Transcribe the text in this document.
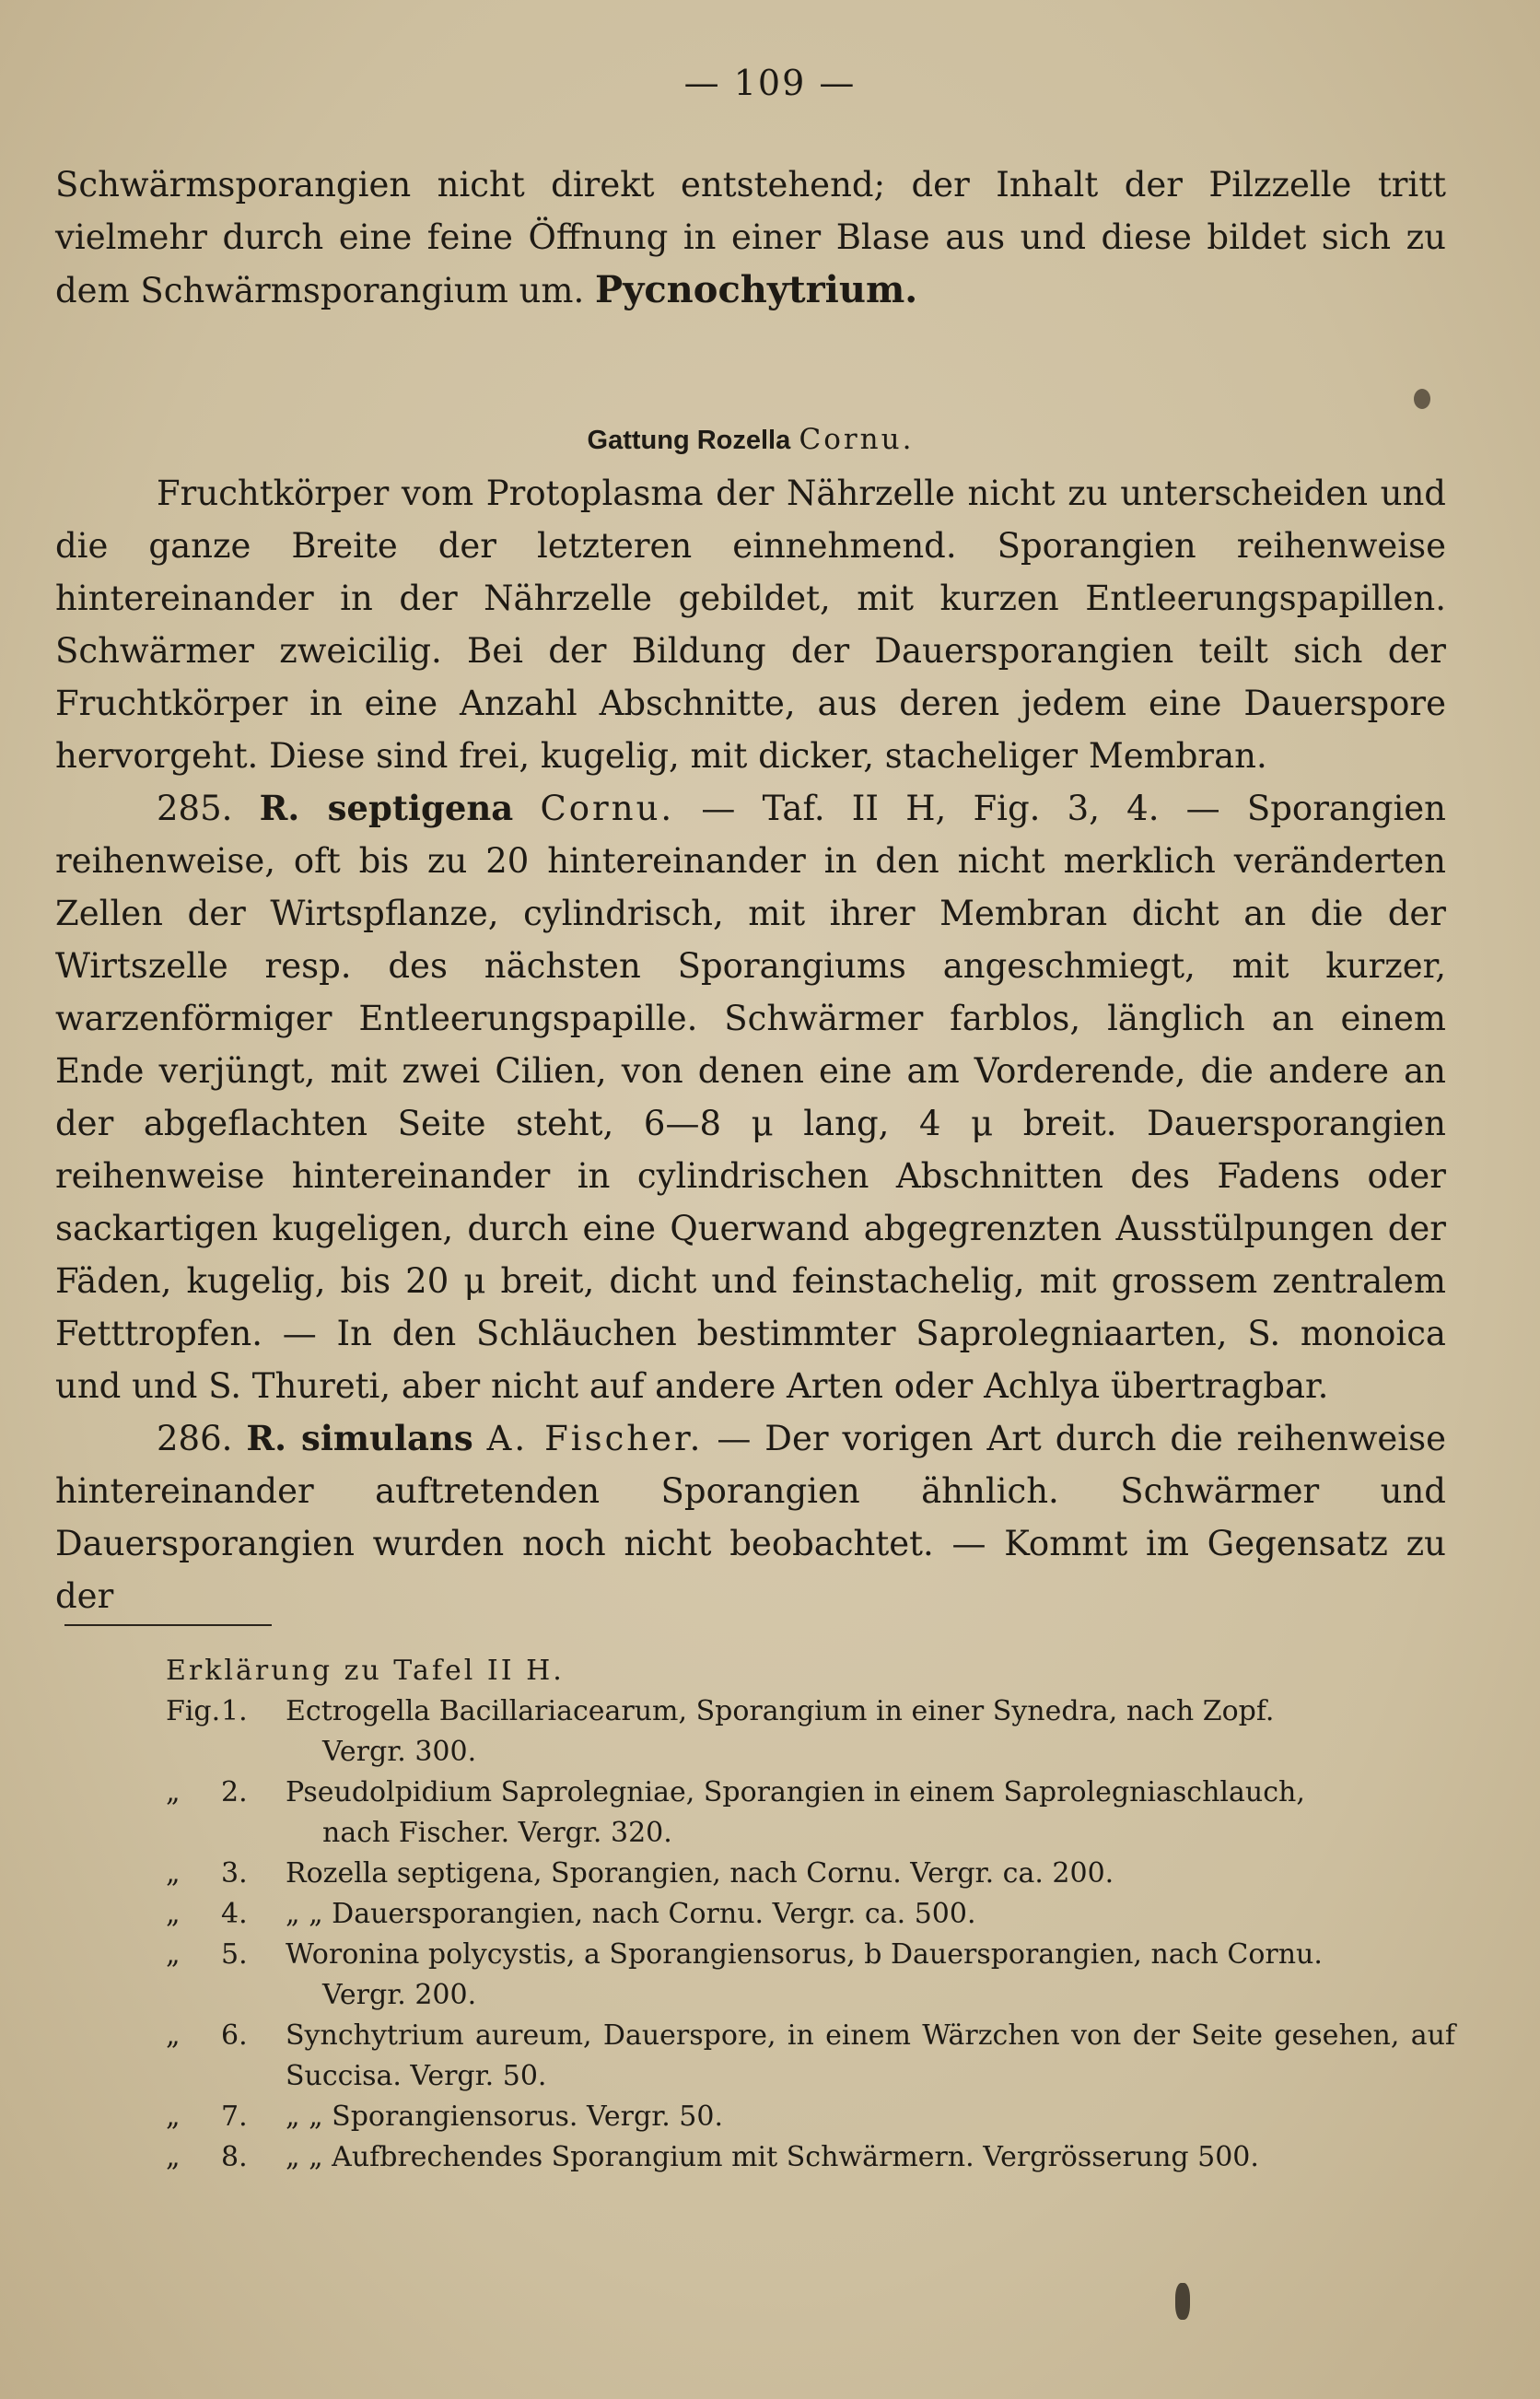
— 109 —

Schwärmsporangien nicht direkt entstehend; der Inhalt der Pilzzelle tritt vielmehr durch eine feine Öffnung in einer Blase aus und diese bildet sich zu dem Schwärmsporangium um. Pycnochytrium.

Gattung Rozella Cornu.

Fruchtkörper vom Protoplasma der Nährzelle nicht zu unterscheiden und die ganze Breite der letzteren einnehmend. Sporangien reihenweise hintereinander in der Nährzelle gebildet, mit kurzen Entleerungspapillen. Schwärmer zweicilig. Bei der Bildung der Dauersporangien teilt sich der Fruchtkörper in eine Anzahl Abschnitte, aus deren jedem eine Dauerspore hervorgeht. Diese sind frei, kugelig, mit dicker, stacheliger Membran.

285. R. septigena Cornu. — Taf. II H, Fig. 3, 4. — Sporangien reihenweise, oft bis zu 20 hintereinander in den nicht merklich veränderten Zellen der Wirtspflanze, cylindrisch, mit ihrer Membran dicht an die der Wirtszelle resp. des nächsten Sporangiums angeschmiegt, mit kurzer, warzenförmiger Entleerungspapille. Schwärmer farblos, länglich an einem Ende verjüngt, mit zwei Cilien, von denen eine am Vorderende, die andere an der abgeflachten Seite steht, 6—8 μ lang, 4 μ breit. Dauersporangien reihenweise hintereinander in cylindrischen Abschnitten des Fadens oder sackartigen kugeligen, durch eine Querwand abgegrenzten Ausstülpungen der Fäden, kugelig, bis 20 μ breit, dicht und feinstachelig, mit grossem zentralem Fetttropfen. — In den Schläuchen bestimmter Saprolegniaarten, S. monoica und und S. Thureti, aber nicht auf andere Arten oder Achlya übertragbar.

286. R. simulans A. Fischer. — Der vorigen Art durch die reihenweise hintereinander auftretenden Sporangien ähnlich. Schwärmer und Dauersporangien wurden noch nicht beobachtet. — Kommt im Gegensatz zu der

Erklärung zu Tafel II H.
Fig. 1.	Ectrogella Bacillariacearum, Sporangium in einer Synedra, nach Zopf.
Vergr. 300.
„	2.	Pseudolpidium Saprolegniae, Sporangien in einem Saprolegniaschlauch,
nach Fischer. Vergr. 320.
„	3.	Rozella septigena, Sporangien, nach Cornu. Vergr. ca. 200.
„	4.	„ „ Dauersporangien, nach Cornu. Vergr. ca. 500.
„	5.	Woronina polycystis, a Sporangiensorus, b Dauersporangien, nach Cornu.
Vergr. 200.
„	6.	Synchytrium aureum, Dauerspore, in einem Wärzchen von der Seite gesehen, auf Succisa. Vergr. 50.
„	7.	„ „ Sporangiensorus. Vergr. 50.
„	8.	„ „ Aufbrechendes Sporangium mit Schwärmern. Vergrösserung 500.
